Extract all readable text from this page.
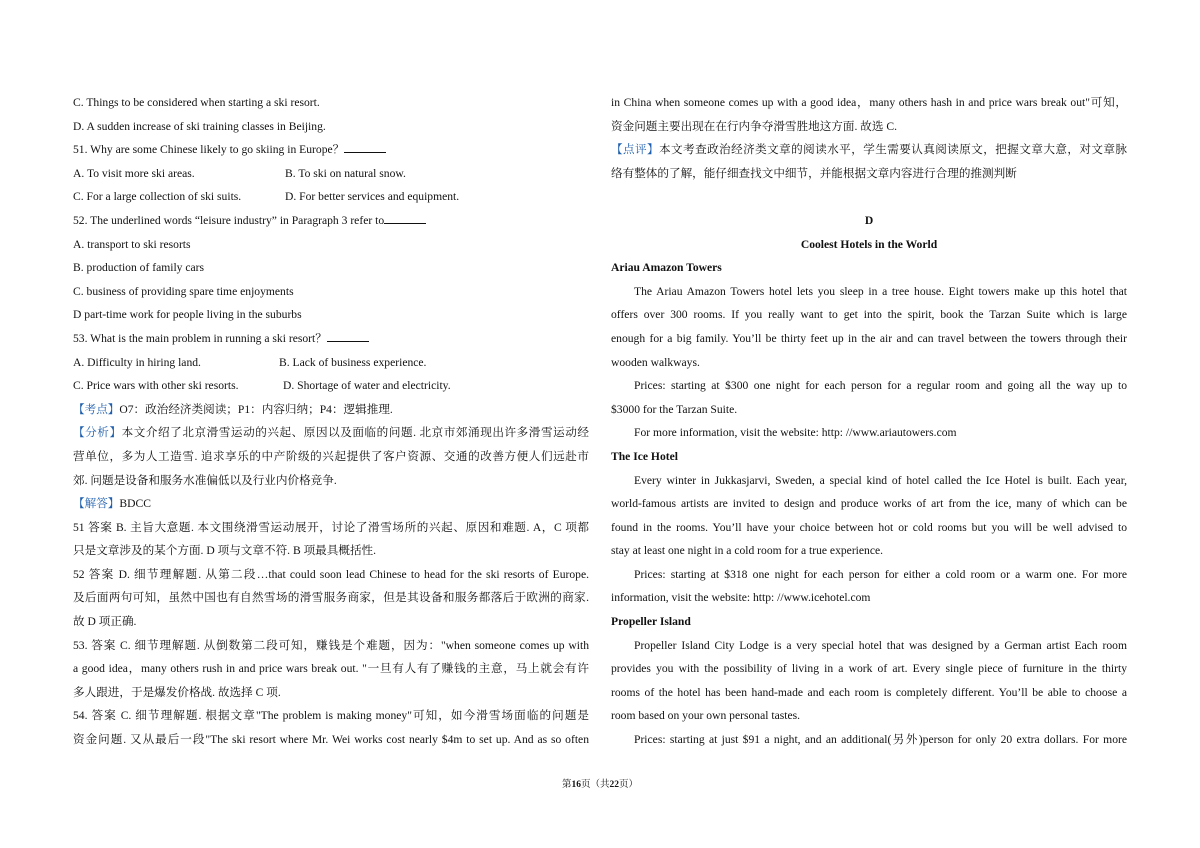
C. Things to be considered when starting a ski resort.
D. A sudden increase of ski training classes in Beijing.
51. Why are some Chinese likely to go skiing in Europe？
A. To visit more ski areas.	B. To ski on natural snow.
C. For a large collection of ski suits.	D. For better services and equipment.
52. The underlined words “leisure industry” in Paragraph 3 refer to
A. transport to ski resorts
B. production of family cars
C. business of providing spare time enjoyments
D part-time work for people living in the suburbs
53. What is the main problem in running a ski resort？
A. Difficulty in hiring land.	B. Lack of business experience.
C. Price wars with other ski resorts.	D. Shortage of water and electricity.
【考点】O7：政治经济类阅读；P1：内容归纳；P4：逻辑推理.
【分析】本文介绍了北京滑雪运动的兴起、原因以及面临的问题. 北京市郊涌现出许多滑雪运动经
营单位，多为人工造雪. 追求享乐的中产阶级的兴起提供了客户资源、交通的改善方便人们远赴市
郊. 问题是设备和服务水准偏低以及行业内价格竞争.
【解答】BDCC
51 答案 B. 主旨大意题. 本文围绕滑雪运动展开，讨论了滑雪场所的兴起、原因和难题. A，C 项都
只是文章涉及的某个方面. D 项与文章不符. B 项最具概括性.
52 答案 D. 细节理解题. 从第二段…that could soon lead Chinese to head for the ski resorts of Europe.
及后面两句可知，虽然中国也有自然雪场的滑雪服务商家，但是其设备和服务都落后于欧洲的商家.
故 D 项正确.
53. 答案 C. 细节理解题. 从倒数第二段可知，赚钱是个难题，因为："when someone comes up with
a good idea，many others rush in and price wars break out. "一旦有人有了赚钱的主意，马上就会有许
多人跟进，于是爆发价格战. 故选择 C 项.
54. 答案 C. 细节理解题. 根据文章"The problem is making money"可知，如今滑雪场面临的问题是
资金问题. 又从最后一段"The ski resort where Mr. Wei works cost nearly $4m to set up. And as so often
in China when someone comes up with a good idea，many others hash in and price wars break out"可知，
资金问题主要出现在在行内争夺滑雪胜地这方面. 故选 C.
【点评】本文考查政治经济类文章的阅读水平，学生需要认真阅读原文，把握文章大意，对文章脉
络有整体的了解，能仔细查找文中细节，并能根据文章内容进行合理的推测判断
D
Coolest Hotels in the World
Ariau Amazon Towers
The Ariau Amazon Towers hotel lets you sleep in a tree house. Eight towers make up this hotel that
offers over 300 rooms. If you really want to get into the spirit, book the Tarzan Suite which is large
enough for a big family. You’ll be thirty feet up in the air and can travel between the towers through their
wooden walkways.
Prices: starting at $300 one night for each person for a regular room and going all the way up to
$3000 for the Tarzan Suite.
For more information, visit the website: http: //www.ariautowers.com
The Ice Hotel
Every winter in Jukkasjarvi, Sweden, a special kind of hotel called the Ice Hotel is built. Each year,
world-famous artists are invited to design and produce works of art from the ice, many of which can be
found in the rooms. You’ll have your choice between hot or cold rooms but you will be well advised to
stay at least one night in a cold room for a true experience.
Prices: starting at $318 one night for each person for either a cold room or a warm one. For more
information, visit the website: http: //www.icehotel.com
Propeller Island
Propeller Island City Lodge is a very special hotel that was designed by a German artist Each room
provides you with the possibility of living in a work of art. Every single piece of furniture in the thirty
rooms of the hotel has been hand-made and each room is completely different. You’ll be able to choose a
room based on your own personal tastes.
Prices: starting at just $91 a night, and an additional(另外)person for only 20 extra dollars. For more
第16页（共22页）
